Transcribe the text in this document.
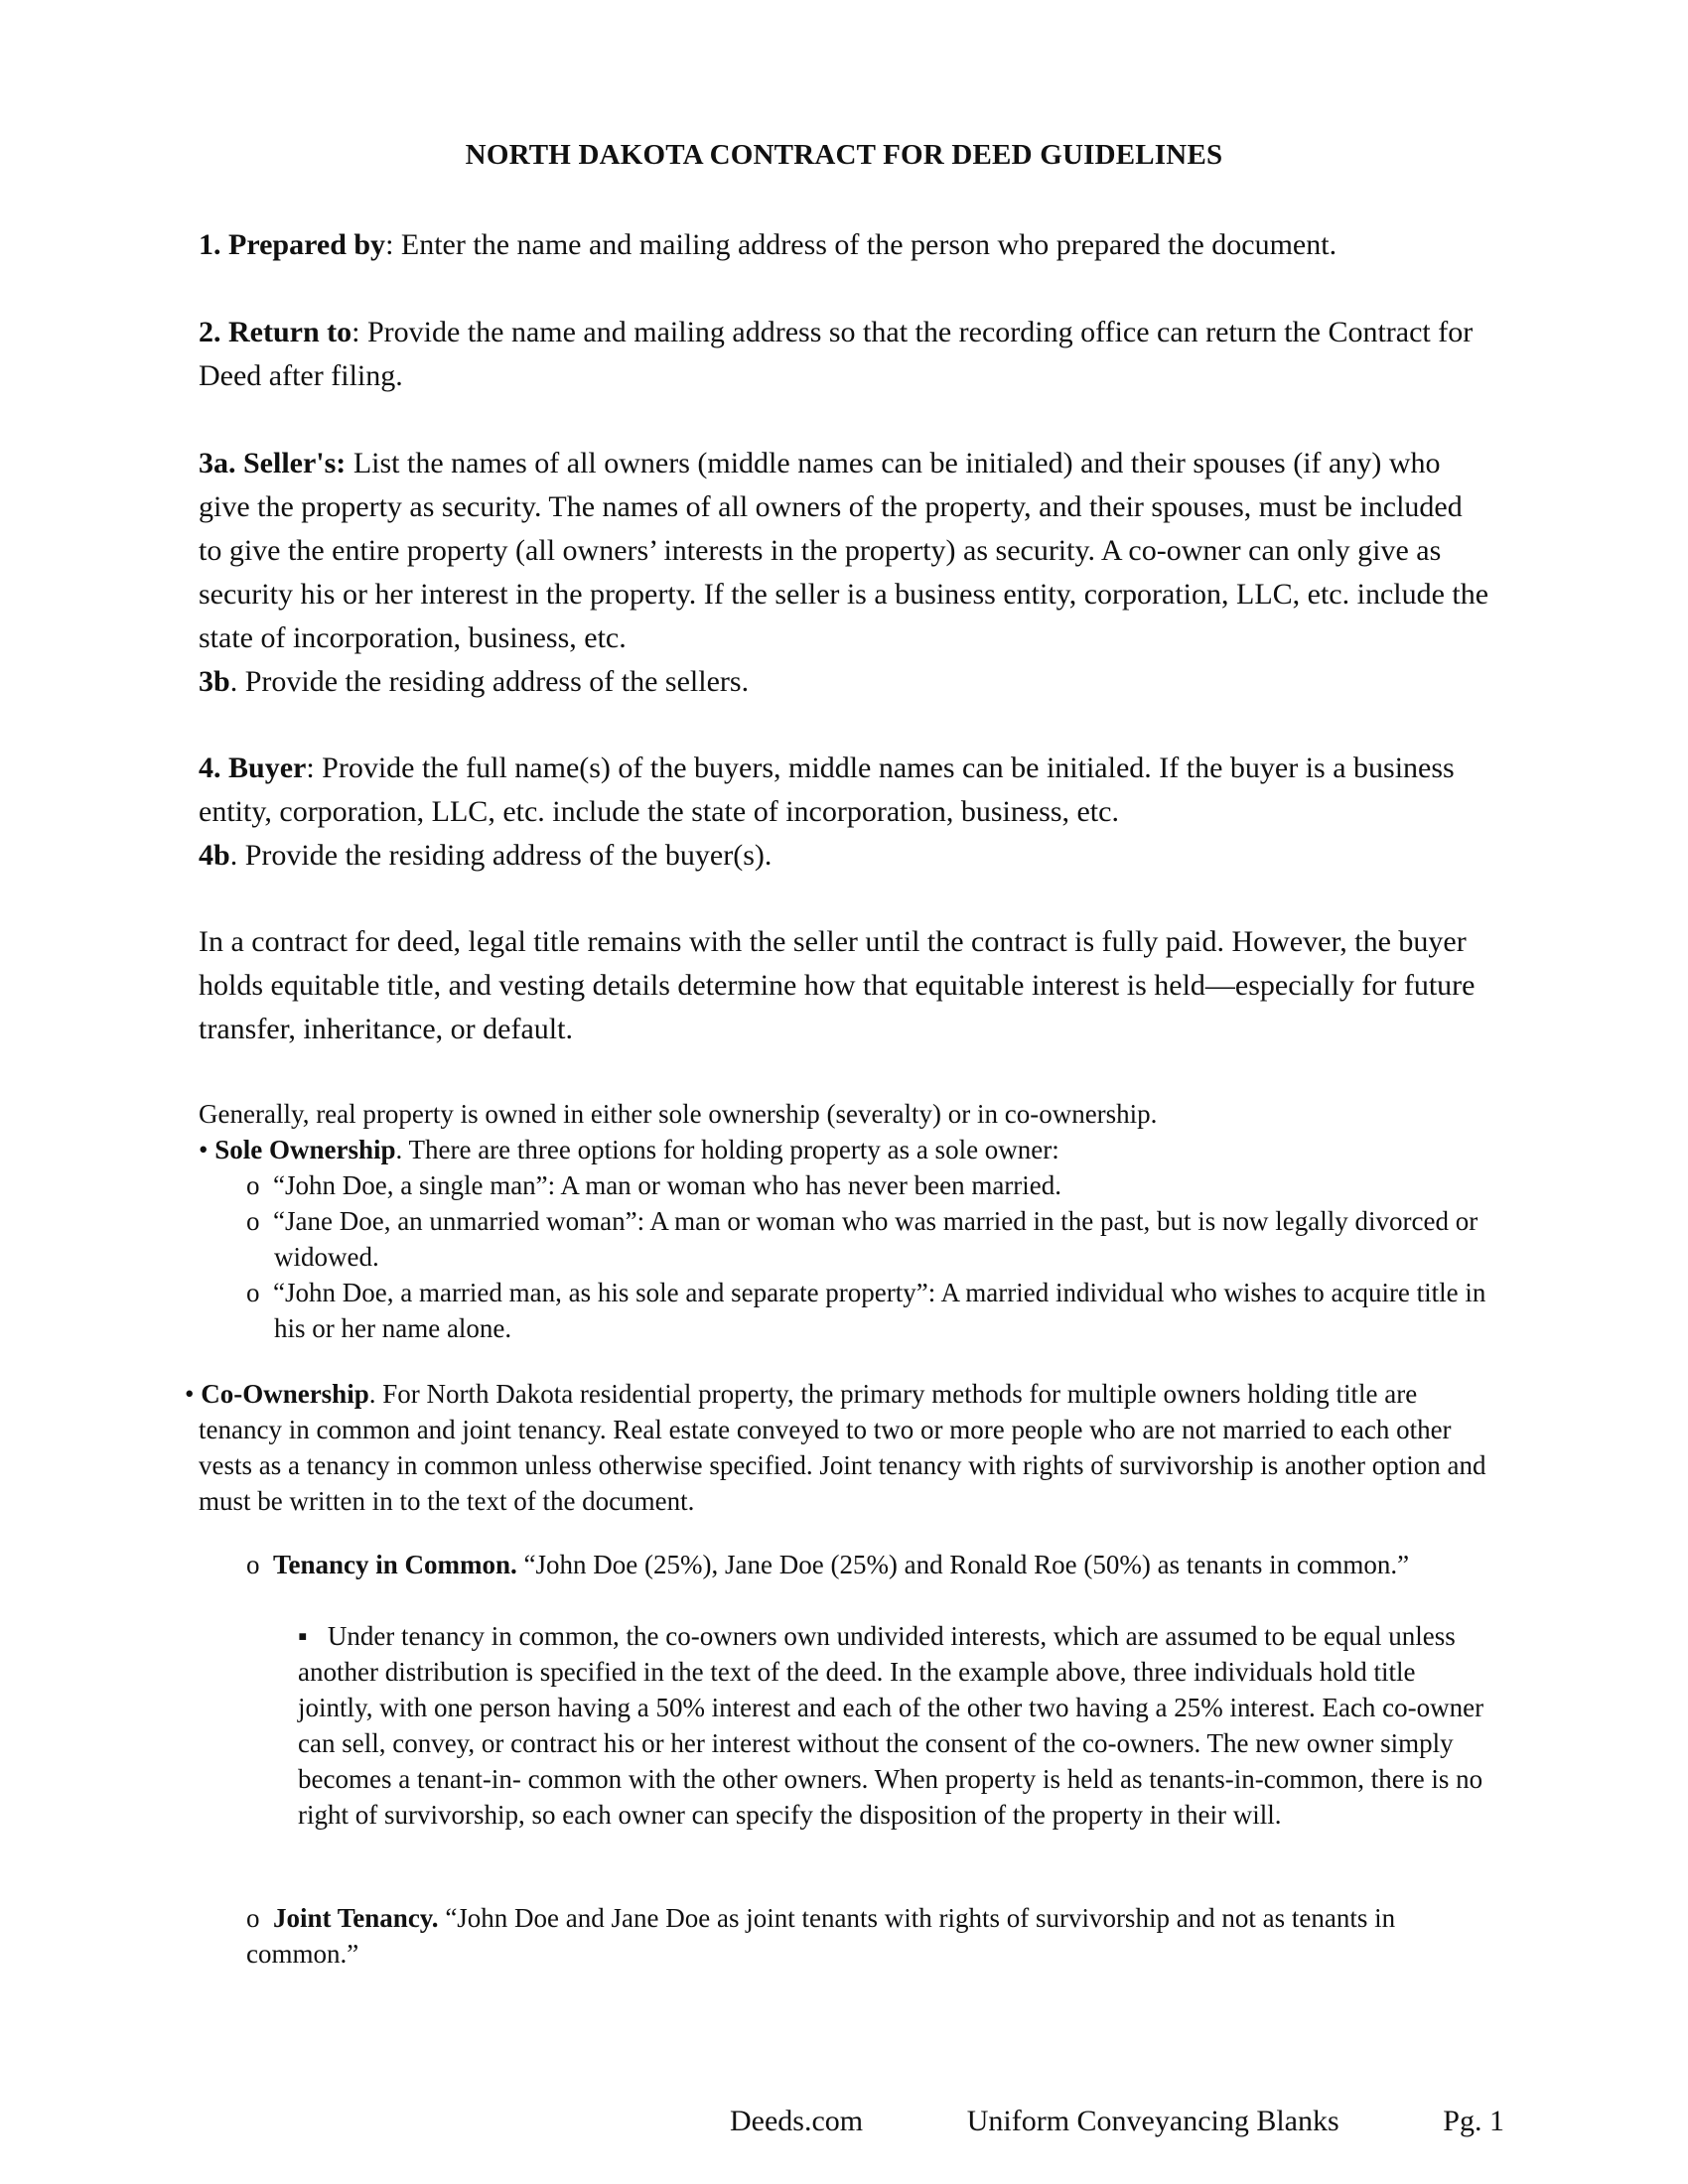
NORTH DAKOTA CONTRACT FOR DEED GUIDELINES

1. Prepared by: Enter the name and mailing address of the person who prepared the document.

2. Return to: Provide the name and mailing address so that the recording office can return the Contract for Deed after filing.

3a. Seller's: List the names of all owners (middle names can be initialed) and their spouses (if any) who give the property as security. The names of all owners of the property, and their spouses, must be included to give the entire property (all owners’ interests in the property) as security. A co-owner can only give as security his or her interest in the property. If the seller is a business entity, corporation, LLC, etc. include the state of incorporation, business, etc.

3b. Provide the residing address of the sellers.

4. Buyer: Provide the full name(s) of the buyers, middle names can be initialed. If the buyer is a business entity, corporation, LLC, etc. include the state of incorporation, business, etc.

4b. Provide the residing address of the buyer(s).

In a contract for deed, legal title remains with the seller until the contract is fully paid. However, the buyer holds equitable title, and vesting details determine how that equitable interest is held—especially for future transfer, inheritance, or default.

Generally, real property is owned in either sole ownership (severalty) or in co-ownership.

• Sole Ownership. There are three options for holding property as a sole owner:

o “John Doe, a single man”: A man or woman who has never been married.

o “Jane Doe, an unmarried woman”: A man or woman who was married in the past, but is now legally divorced or widowed.

o “John Doe, a married man, as his sole and separate property”: A married individual who wishes to acquire title in his or her name alone.

• Co-Ownership. For North Dakota residential property, the primary methods for multiple owners holding title are tenancy in common and joint tenancy. Real estate conveyed to two or more people who are not married to each other vests as a tenancy in common unless otherwise specified. Joint tenancy with rights of survivorship is another option and must be written in to the text of the document.

o Tenancy in Common. “John Doe (25%), Jane Doe (25%) and Ronald Roe (50%) as tenants in common.”

▪ Under tenancy in common, the co-owners own undivided interests, which are assumed to be equal unless another distribution is specified in the text of the deed. In the example above, three individuals hold title jointly, with one person having a 50% interest and each of the other two having a 25% interest. Each co-owner can sell, convey, or contract his or her interest without the consent of the co-owners. The new owner simply becomes a tenant-in- common with the other owners. When property is held as tenants-in-common, there is no right of survivorship, so each owner can specify the disposition of the property in their will.

o Joint Tenancy. “John Doe and Jane Doe as joint tenants with rights of survivorship and not as tenants in common.”

Deeds.com	Uniform Conveyancing Blanks	Pg. 1
